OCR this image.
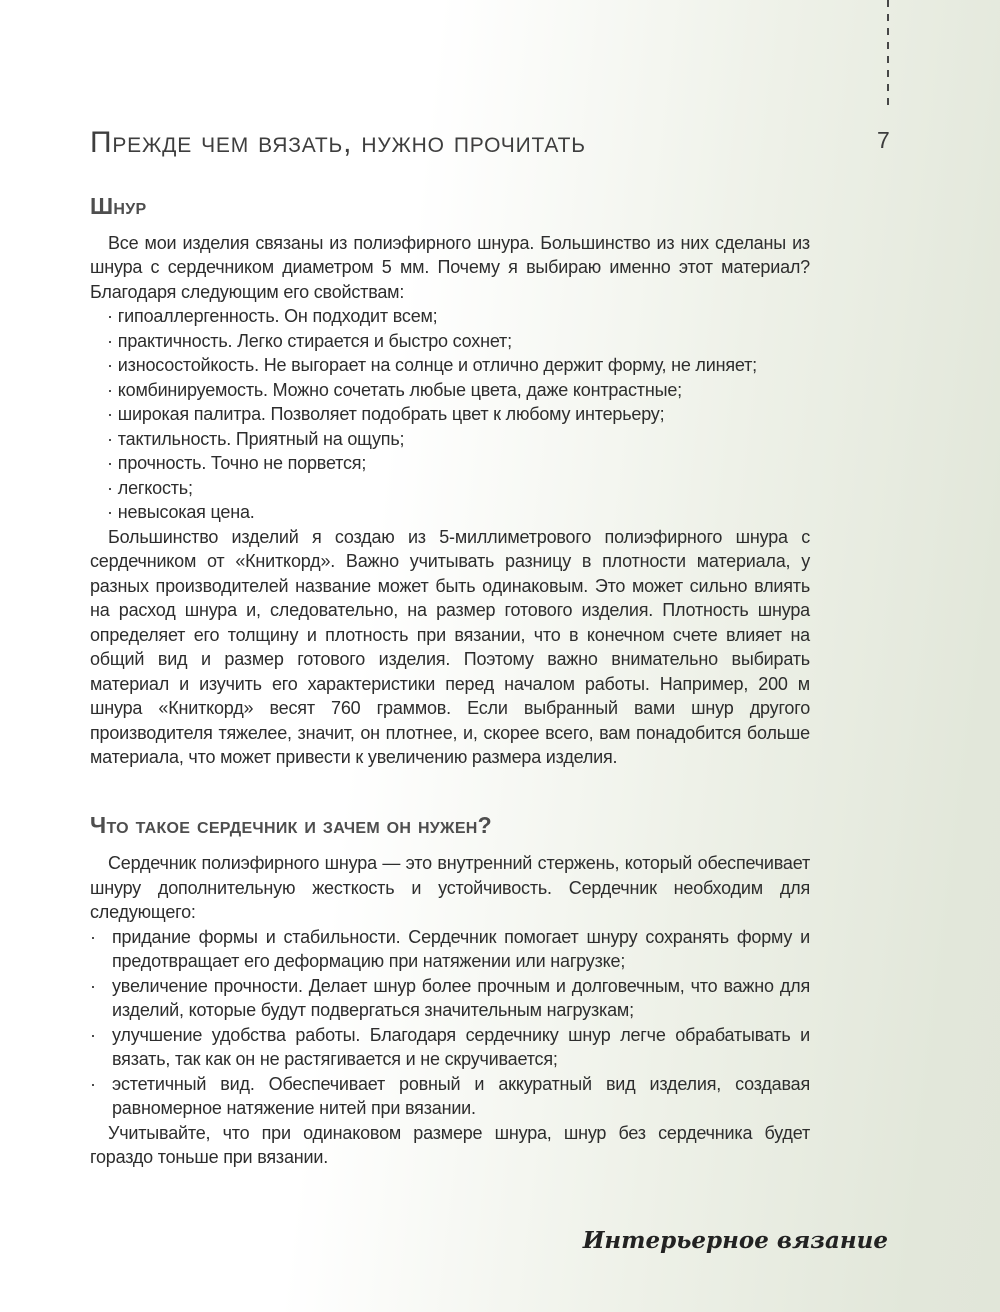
7
Прежде чем вязать, нужно прочитать
Шнур

Все мои изделия связаны из полиэфирного шнура. Большинство из них сделаны из шнура с сердечником диаметром 5 мм. Почему я выбираю именно этот материал? Благодаря следующим его свойствам:

· гипоаллергенность. Он подходит всем;
· практичность. Легко стирается и быстро сохнет;
· износостойкость. Не выгорает на солнце и отлично держит форму, не линяет;
· комбинируемость. Можно сочетать любые цвета, даже контрастные;
· широкая палитра. Позволяет подобрать цвет к любому интерьеру;
· тактильность. Приятный на ощупь;
· прочность. Точно не порвется;
· легкость;
· невысокая цена.

Большинство изделий я создаю из 5-миллиметрового полиэфирного шнура с сердечником от «Книткорд». Важно учитывать разницу в плотности материала, у разных производителей название может быть одинаковым. Это может сильно влиять на расход шнура и, следовательно, на размер готового изделия. Плотность шнура определяет его толщину и плотность при вязании, что в конечном счете влияет на общий вид и размер готового изделия. Поэтому важно внимательно выбирать материал и изучить его характеристики перед началом работы. Например, 200 м шнура «Книткорд» весят 760 граммов. Если выбранный вами шнур другого производителя тяжелее, значит, он плотнее, и, скорее всего, вам понадобится больше материала, что может привести к увеличению размера изделия.

Что такое сердечник и зачем он нужен?

Сердечник полиэфирного шнура — это внутренний стержень, который обеспечивает шнуру дополнительную жесткость и устойчивость. Сердечник необходим для следующего:

· придание формы и стабильности. Сердечник помогает шнуру сохранять форму и предотвращает его деформацию при натяжении или нагрузке;
· увеличение прочности. Делает шнур более прочным и долговечным, что важно для изделий, которые будут подвергаться значительным нагрузкам;
· улучшение удобства работы. Благодаря сердечнику шнур легче обрабатывать и вязать, так как он не растягивается и не скручивается;
· эстетичный вид. Обеспечивает ровный и аккуратный вид изделия, создавая равномерное натяжение нитей при вязании.

Учитывайте, что при одинаковом размере шнура, шнур без сердечника будет гораздо тоньше при вязании.

Интерьерное вязание
